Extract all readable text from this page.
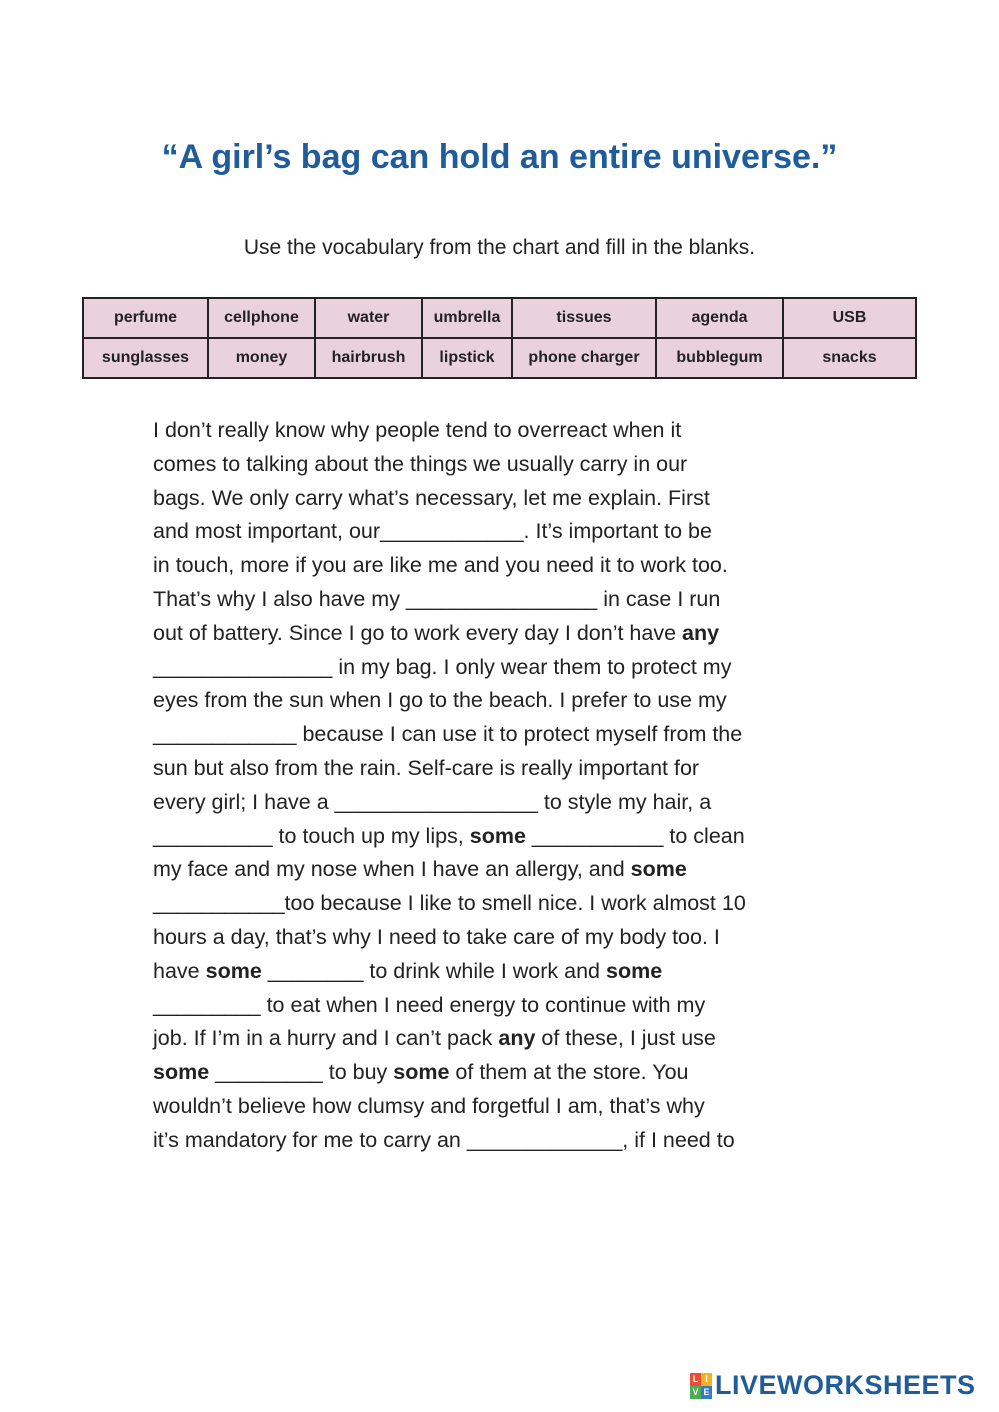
“A girl’s bag can hold an entire universe.”
Use the vocabulary from the chart and fill in the blanks.
perfume	cellphone	water	umbrella	tissues	agenda	USB
sunglasses	money	hairbrush	lipstick	phone charger	bubblegum	snacks
I don’t really know why people tend to overreact when it
comes to talking about the things we usually carry in our
bags. We only carry what’s necessary, let me explain. First
and most important, our____________. It’s important to be
in touch, more if you are like me and you need it to work too.
That’s why I also have my ________________ in case I run
out of battery. Since I go to work every day I don’t have any
_______________ in my bag. I only wear them to protect my
eyes from the sun when I go to the beach. I prefer to use my
____________ because I can use it to protect myself from the
sun but also from the rain. Self-care is really important for
every girl; I have a _________________ to style my hair, a
__________ to touch up my lips, some ___________ to clean
my face and my nose when I have an allergy, and some
___________too because I like to smell nice. I work almost 10
hours a day, that’s why I need to take care of my body too. I
have some ________ to drink while I work and some
_________ to eat when I need energy to continue with my
job. If I’m in a hurry and I can’t pack any of these, I just use
some _________ to buy some of them at the store. You
wouldn’t believe how clumsy and forgetful I am, that’s why
it’s mandatory for me to carry an _____________, if I need to
L I
V E LIVEWORKSHEETS
